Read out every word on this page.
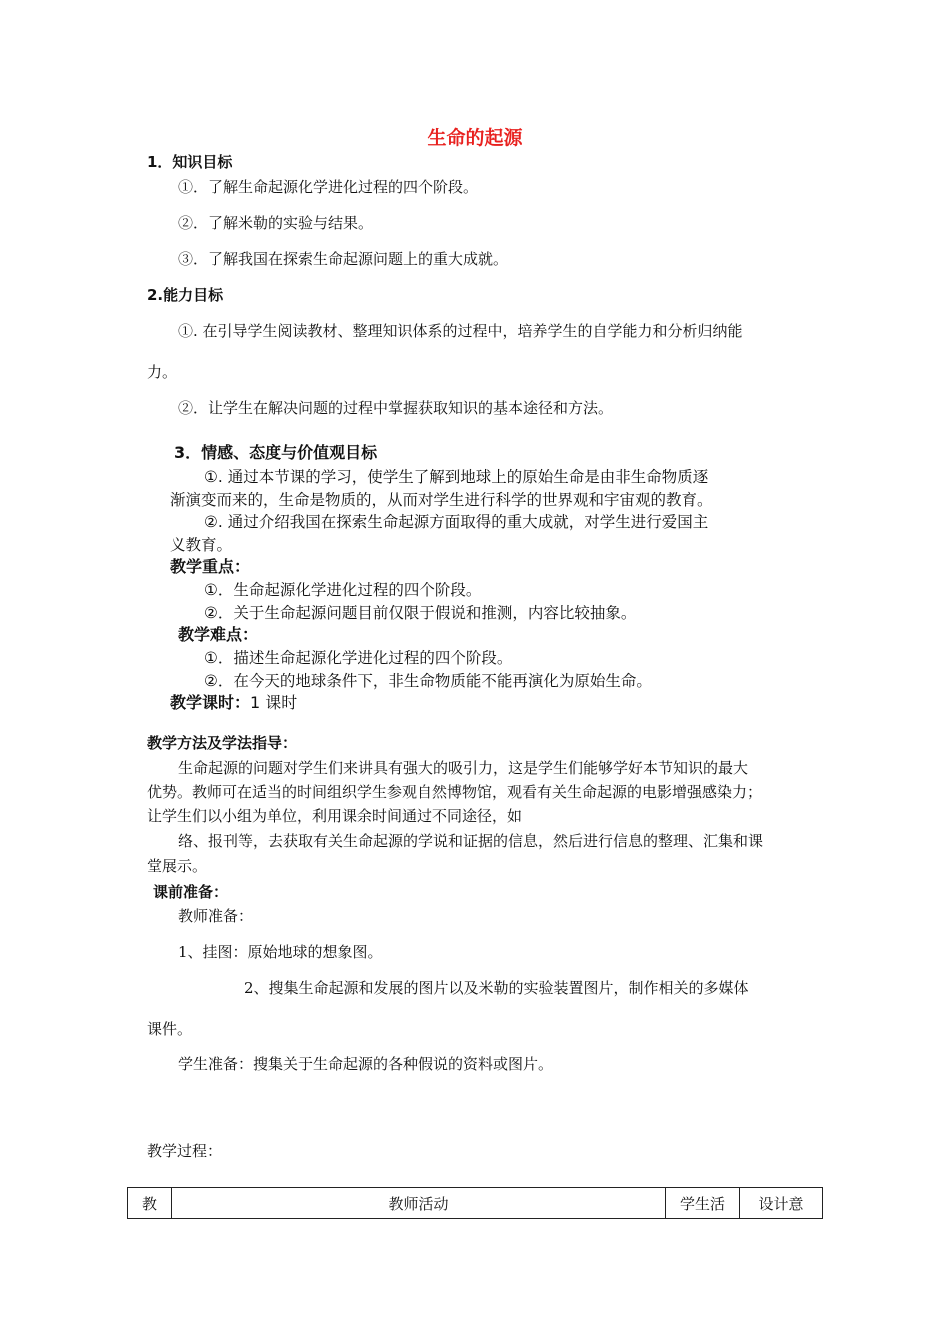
生命的起源
1．知识目标
①．了解生命起源化学进化过程的四个阶段。
②．了解米勒的实验与结果。
③．了解我国在探索生命起源问题上的重大成就。
2.能力目标
①. 在引导学生阅读教材、整理知识体系的过程中，培养学生的自学能力和分析归纳能
力。
②．让学生在解决问题的过程中掌握获取知识的基本途径和方法。
3．情感、态度与价值观目标
①. 通过本节课的学习，使学生了解到地球上的原始生命是由非生命物质逐
渐演变而来的，生命是物质的，从而对学生进行科学的世界观和宇宙观的教育。
②. 通过介绍我国在探索生命起源方面取得的重大成就，对学生进行爱国主
义教育。
教学重点：
①．生命起源化学进化过程的四个阶段。
②．关于生命起源问题目前仅限于假说和推测，内容比较抽象。
教学难点：
①．描述生命起源化学进化过程的四个阶段。
②．在今天的地球条件下，非生命物质能不能再演化为原始生命。
教学课时：1 课时
教学方法及学法指导：
生命起源的问题对学生们来讲具有强大的吸引力，这是学生们能够学好本节知识的最大
优势。教师可在适当的时间组织学生参观自然博物馆，观看有关生命起源的电影增强感染力；
让学生们以小组为单位，利用课余时间通过不同途径，如
络、报刊等，去获取有关生命起源的学说和证据的信息，然后进行信息的整理、汇集和课
堂展示。
课前准备：
教师准备：
1、挂图：原始地球的想象图。
2、搜集生命起源和发展的图片以及米勒的实验装置图片，制作相关的多媒体
课件。
学生准备：搜集关于生命起源的各种假说的资料或图片。
教学过程：
教	教师活动	学生活	设计意
